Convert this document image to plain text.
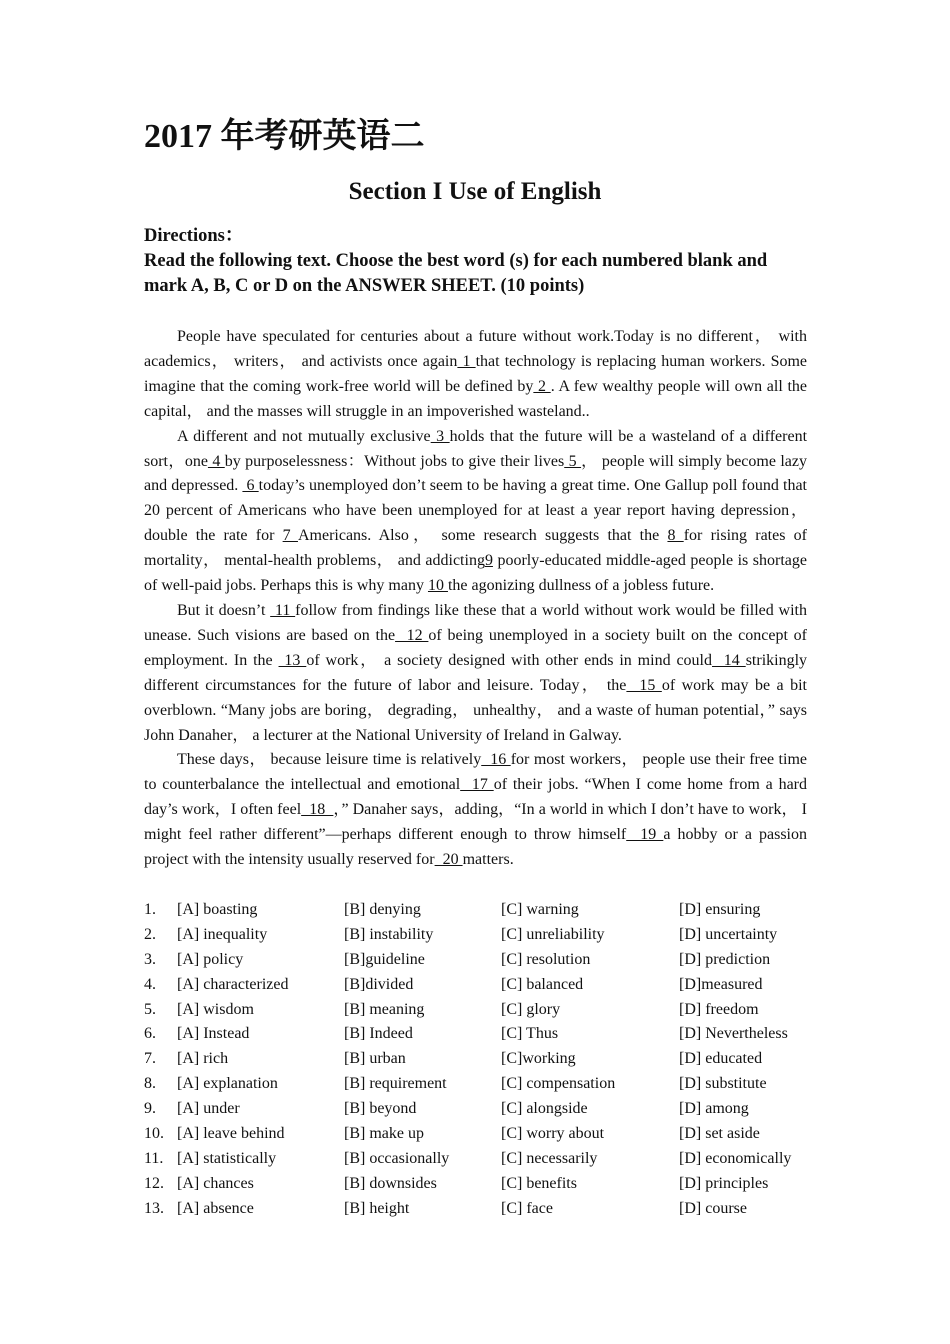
2017 年考研英语二
Section I Use of English

Directions：

Read the following text. Choose the best word (s) for each numbered blank and mark A, B, C or D on the ANSWER SHEET. (10 points)

People have speculated for centuries about a future without work.Today is no different， with academics， writers， and activists once again 1 that technology is replacing human workers. Some imagine that the coming work-free world will be defined by 2 . A few wealthy people will own all the capital， and the masses will struggle in an impoverished wasteland..

A different and not mutually exclusive 3 holds that the future will be a wasteland of a different sort，one 4 by purposelessness：Without jobs to give their lives 5 ， people will simply become lazy and depressed.  6 today’s unemployed don’t seem to be having a great time. One Gallup poll found that 20 percent of Americans who have been unemployed for at least a year report having depression，double the rate for 7 Americans. Also， some research suggests that the 8 for rising rates of mortality， mental-health problems， and addicting9 poorly-educated middle-aged people is shortage of well-paid jobs. Perhaps this is why many 10 the agonizing dullness of a jobless future.

But it doesn’t  11 follow from findings like these that a world without work would be filled with unease. Such visions are based on the  12 of being unemployed in a society built on the concept of employment. In the  13 of work， a society designed with other ends in mind could  14 strikingly different circumstances for the future of labor and leisure. Today， the  15 of work may be a bit overblown. “Many jobs are boring， degrading， unhealthy， and a waste of human potential，” says John Danaher， a lecturer at the National University of Ireland in Galway.

These days， because leisure time is relatively  16 for most workers， people use their free time to counterbalance the intellectual and emotional  17 of their jobs. “When I come home from a hard day’s work，I often feel  18  ，” Danaher says，adding，“In a world in which I don’t have to work， I might feel rather different”—perhaps different enough to throw himself  19 a hobby or a passion project with the intensity usually reserved for  20 matters.

1. [A] boasting	[B] denying	[C] warning	[D] ensuring
2. [A] inequality	[B] instability	[C] unreliability	[D] uncertainty
3. [A] policy	[B]guideline	[C] resolution	[D] prediction
4. [A] characterized	[B]divided	[C] balanced	[D]measured
5. [A] wisdom	[B] meaning	[C] glory	[D] freedom
6. [A] Instead	[B] Indeed	[C] Thus	[D] Nevertheless
7. [A] rich	[B] urban	[C]working	[D] educated
8. [A] explanation	[B] requirement	[C] compensation	[D] substitute
9. [A] under	[B] beyond	[C] alongside	[D] among
10. [A] leave behind	[B] make up	[C] worry about	[D] set aside
11. [A] statistically	[B] occasionally	[C] necessarily	[D] economically
12. [A] chances	[B] downsides	[C] benefits	[D] principles
13. [A] absence	[B] height	[C] face	[D] course
